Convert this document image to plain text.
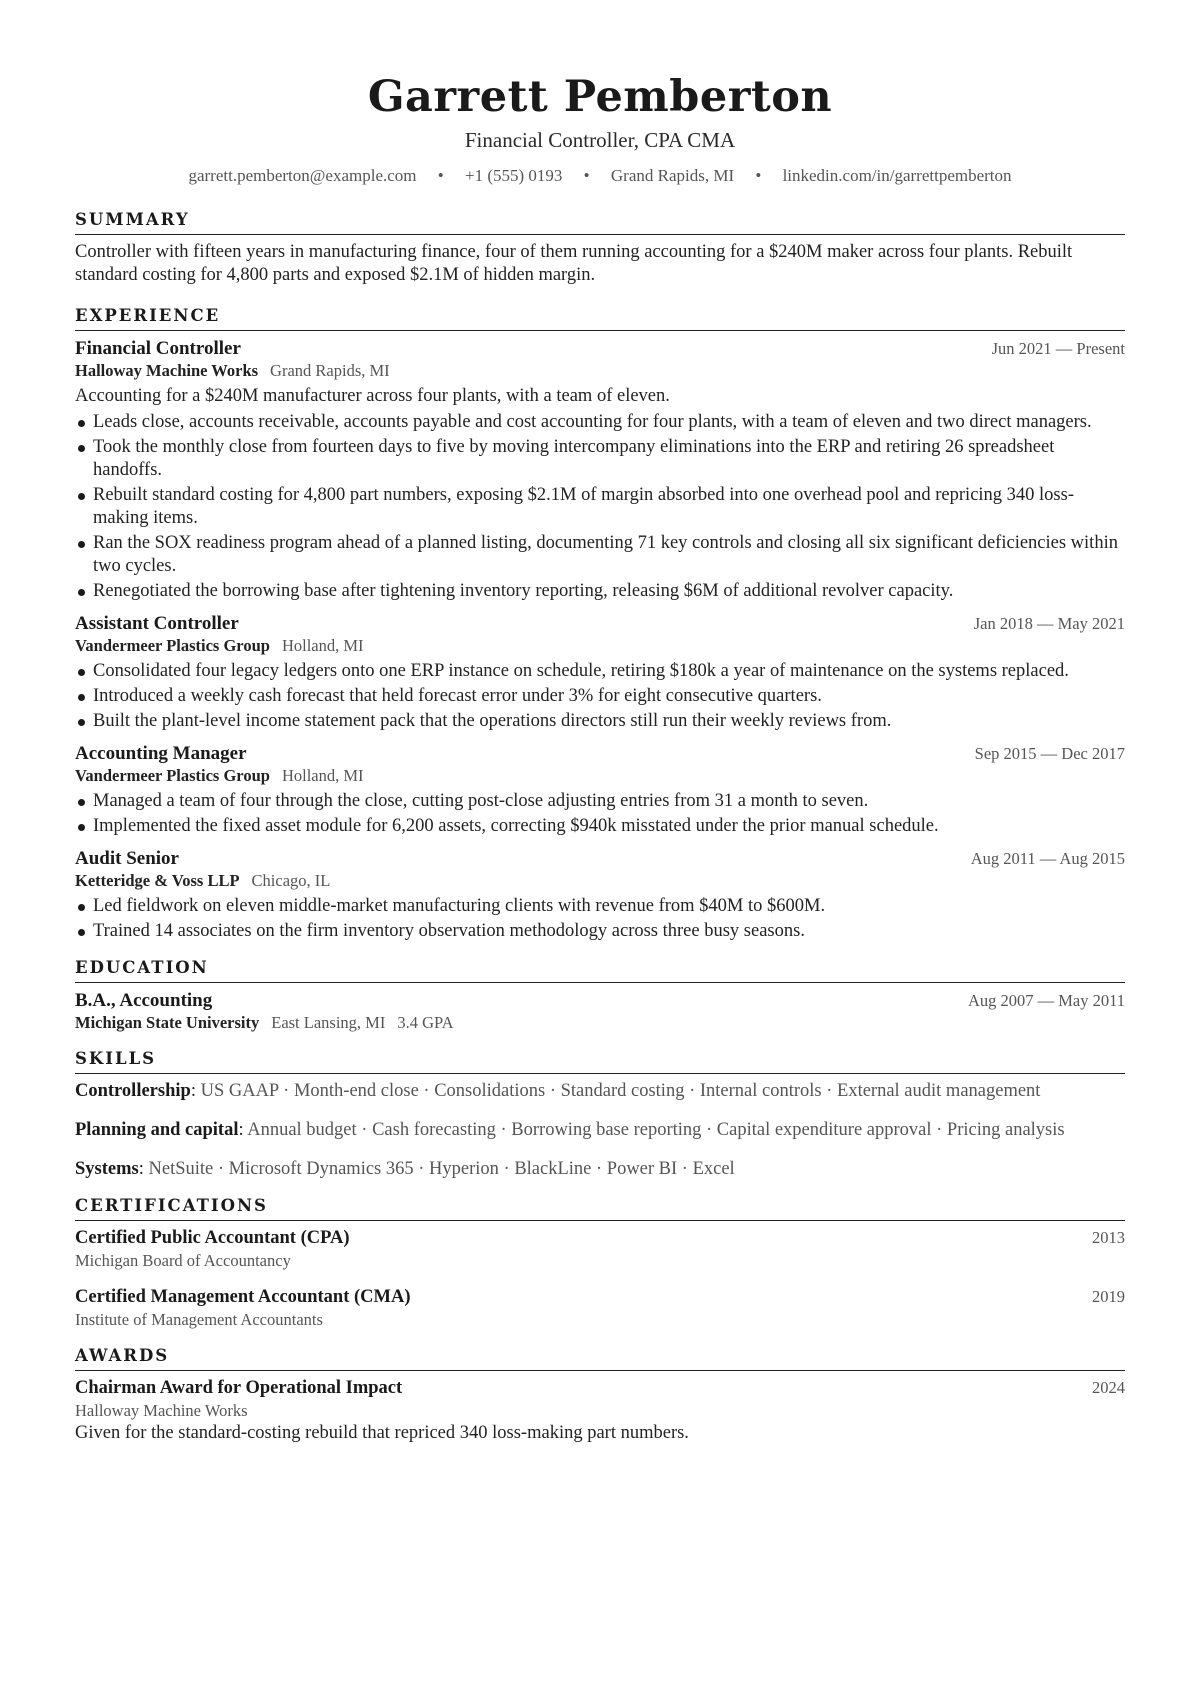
Garrett Pemberton
Financial Controller, CPA CMA
garrett.pemberton@example.com • +1 (555) 0193 • Grand Rapids, MI • linkedin.com/in/garrettpemberton
SUMMARY
Controller with fifteen years in manufacturing finance, four of them running accounting for a $240M maker across four plants. Rebuilt standard costing for 4,800 parts and exposed $2.1M of hidden margin.
EXPERIENCE
Financial Controller	Jun 2021 — Present
Halloway Machine Works Grand Rapids, MI
Accounting for a $240M manufacturer across four plants, with a team of eleven.
Leads close, accounts receivable, accounts payable and cost accounting for four plants, with a team of eleven and two direct managers.
Took the monthly close from fourteen days to five by moving intercompany eliminations into the ERP and retiring 26 spreadsheet handoffs.
Rebuilt standard costing for 4,800 part numbers, exposing $2.1M of margin absorbed into one overhead pool and repricing 340 loss-making items.
Ran the SOX readiness program ahead of a planned listing, documenting 71 key controls and closing all six significant deficiencies within two cycles.
Renegotiated the borrowing base after tightening inventory reporting, releasing $6M of additional revolver capacity.
Assistant Controller	Jan 2018 — May 2021
Vandermeer Plastics Group Holland, MI
Consolidated four legacy ledgers onto one ERP instance on schedule, retiring $180k a year of maintenance on the systems replaced.
Introduced a weekly cash forecast that held forecast error under 3% for eight consecutive quarters.
Built the plant-level income statement pack that the operations directors still run their weekly reviews from.
Accounting Manager	Sep 2015 — Dec 2017
Vandermeer Plastics Group Holland, MI
Managed a team of four through the close, cutting post-close adjusting entries from 31 a month to seven.
Implemented the fixed asset module for 6,200 assets, correcting $940k misstated under the prior manual schedule.
Audit Senior	Aug 2011 — Aug 2015
Ketteridge & Voss LLP Chicago, IL
Led fieldwork on eleven middle-market manufacturing clients with revenue from $40M to $600M.
Trained 14 associates on the firm inventory observation methodology across three busy seasons.
EDUCATION
B.A., Accounting	Aug 2007 — May 2011
Michigan State University East Lansing, MI 3.4 GPA
SKILLS
Controllership: US GAAP · Month-end close · Consolidations · Standard costing · Internal controls · External audit management
Planning and capital: Annual budget · Cash forecasting · Borrowing base reporting · Capital expenditure approval · Pricing analysis
Systems: NetSuite · Microsoft Dynamics 365 · Hyperion · BlackLine · Power BI · Excel
CERTIFICATIONS
Certified Public Accountant (CPA)	2013
Michigan Board of Accountancy
Certified Management Accountant (CMA)	2019
Institute of Management Accountants
AWARDS
Chairman Award for Operational Impact	2024
Halloway Machine Works
Given for the standard-costing rebuild that repriced 340 loss-making part numbers.
